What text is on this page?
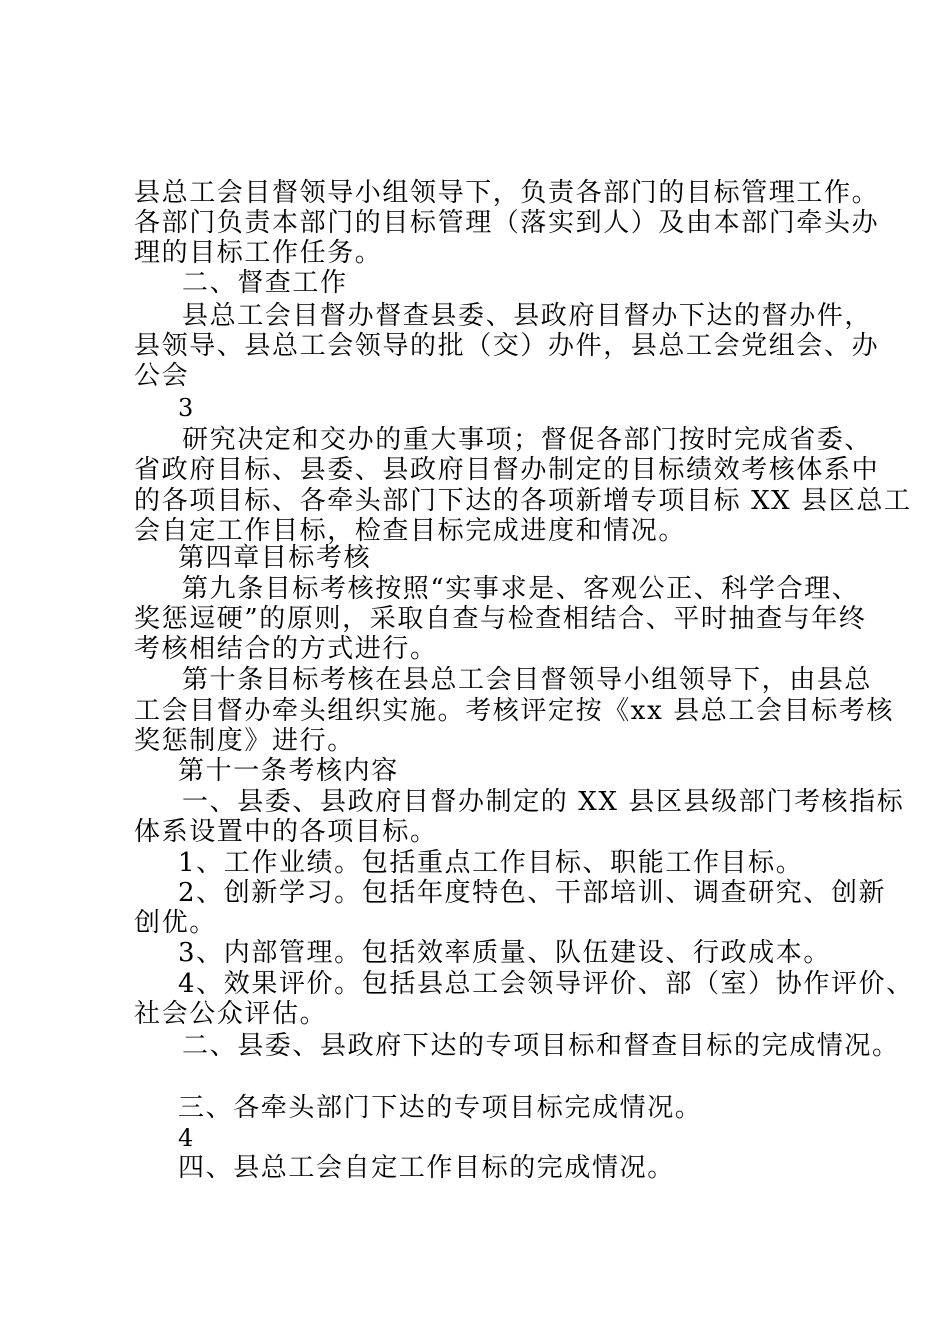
县总工会目督领导小组领导下，负责各部门的目标管理工作。
各部门负责本部门的目标管理（落实到人）及由本部门牵头办
理的目标工作任务。
二、督查工作
县总工会目督办督查县委、县政府目督办下达的督办件，
县领导、县总工会领导的批（交）办件，县总工会党组会、办
公会
3
研究决定和交办的重大事项；督促各部门按时完成省委、
省政府目标、县委、县政府目督办制定的目标绩效考核体系中
的各项目标、各牵头部门下达的各项新增专项目标 XX 县区总工
会自定工作目标，检查目标完成进度和情况。
第四章目标考核
第九条目标考核按照“实事求是、客观公正、科学合理、
奖惩逗硬”的原则，采取自查与检查相结合、平时抽查与年终
考核相结合的方式进行。
第十条目标考核在县总工会目督领导小组领导下，由县总
工会目督办牵头组织实施。考核评定按《xx 县总工会目标考核
奖惩制度》进行。
第十一条考核内容
一、县委、县政府目督办制定的 XX 县区县级部门考核指标
体系设置中的各项目标。
1、工作业绩。包括重点工作目标、职能工作目标。
2、创新学习。包括年度特色、干部培训、调查研究、创新
创优。
3、内部管理。包括效率质量、队伍建设、行政成本。
4、效果评价。包括县总工会领导评价、部（室）协作评价、
社会公众评估。
二、县委、县政府下达的专项目标和督查目标的完成情况。
三、各牵头部门下达的专项目标完成情况。
4
四、县总工会自定工作目标的完成情况。
